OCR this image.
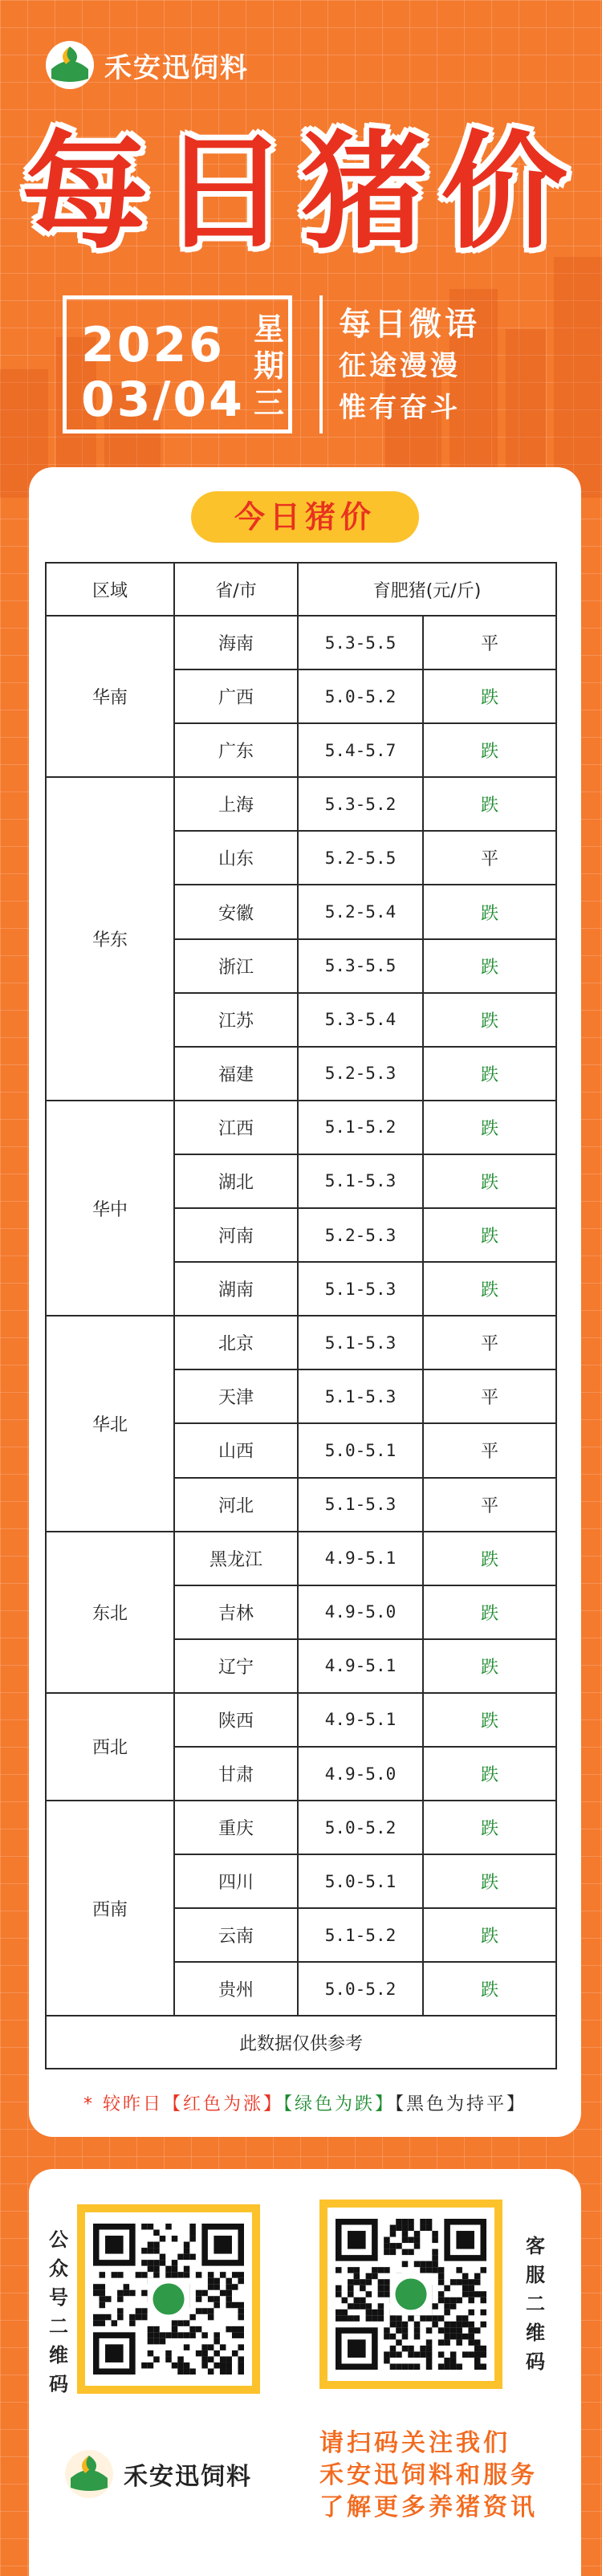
禾安迅饲料
每日猪价
2026
03/04
星
期
三
每日微语
征途漫漫
惟有奋斗
今日猪价
区域	省/市	育肥猪(元/斤)	
华南	海南	5.3-5.5	平
	广西	5.0-5.2	跌
	广东	5.4-5.7	跌
华东	上海	5.3-5.2	跌
	山东	5.2-5.5	平
	安徽	5.2-5.4	跌
	浙江	5.3-5.5	跌
	江苏	5.3-5.4	跌
	福建	5.2-5.3	跌
华中	江西	5.1-5.2	跌
	湖北	5.1-5.3	跌
	河南	5.2-5.3	跌
	湖南	5.1-5.3	跌
华北	北京	5.1-5.3	平
	天津	5.1-5.3	平
	山西	5.0-5.1	平
	河北	5.1-5.3	平
东北	黑龙江	4.9-5.1	跌
	吉林	4.9-5.0	跌
	辽宁	4.9-5.1	跌
西北	陕西	4.9-5.1	跌
	甘肃	4.9-5.0	跌
西南	重庆	5.0-5.2	跌
	四川	5.0-5.1	跌
	云南	5.1-5.2	跌
	贵州	5.0-5.2	跌
此数据仅供参考			
* 较昨日【红色为涨】【绿色为跌】【黑色为持平】
公
众
号
二
维
码
客
服
二
维
码
禾安迅饲料
请扫码关注我们
禾安迅饲料和服务
了解更多养猪资讯
